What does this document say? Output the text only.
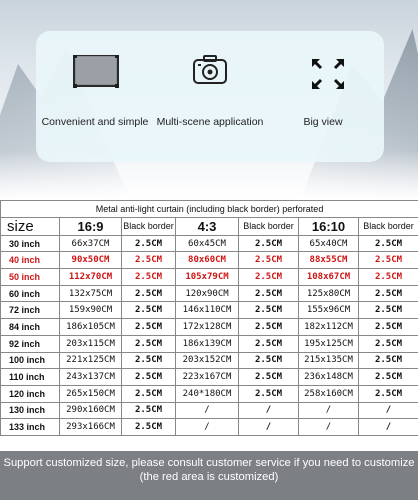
Convenient and simple Multi-scene application	Big view
Metal anti-light curtain (including black border) perforated						
size	16:9	Black border	4:3	Black border	16:10	Black border
30 inch	66x37CM	2.5CM	60x45CM	2.5CM	65x40CM	2.5CM
40 inch	90x50CM	2.5CM	80x60CM	2.5CM	88x55CM	2.5CM
50 inch	112x70CM	2.5CM	105x79CM	2.5CM	108x67CM	2.5CM
60 inch	132x75CM	2.5CM	120x90CM	2.5CM	125x80CM	2.5CM
72 inch	159x90CM	2.5CM	146x110CM	2.5CM	155x96CM	2.5CM
84 inch	186x105CM	2.5CM	172x128CM	2.5CM	182x112CM	2.5CM
92 inch	203x115CM	2.5CM	186x139CM	2.5CM	195x125CM	2.5CM
100 inch	221x125CM	2.5CM	203x152CM	2.5CM	215x135CM	2.5CM
110 inch	243x137CM	2.5CM	223x167CM	2.5CM	236x148CM	2.5CM
120 inch	265x150CM	2.5CM	240*180CM	2.5CM	258x160CM	2.5CM
130 inch	290x160CM	2.5CM	/	/	/	/
133 inch	293x166CM	2.5CM	/	/	/	/
Support customized size, please consult customer service if you need to customize (the red area is customized)
